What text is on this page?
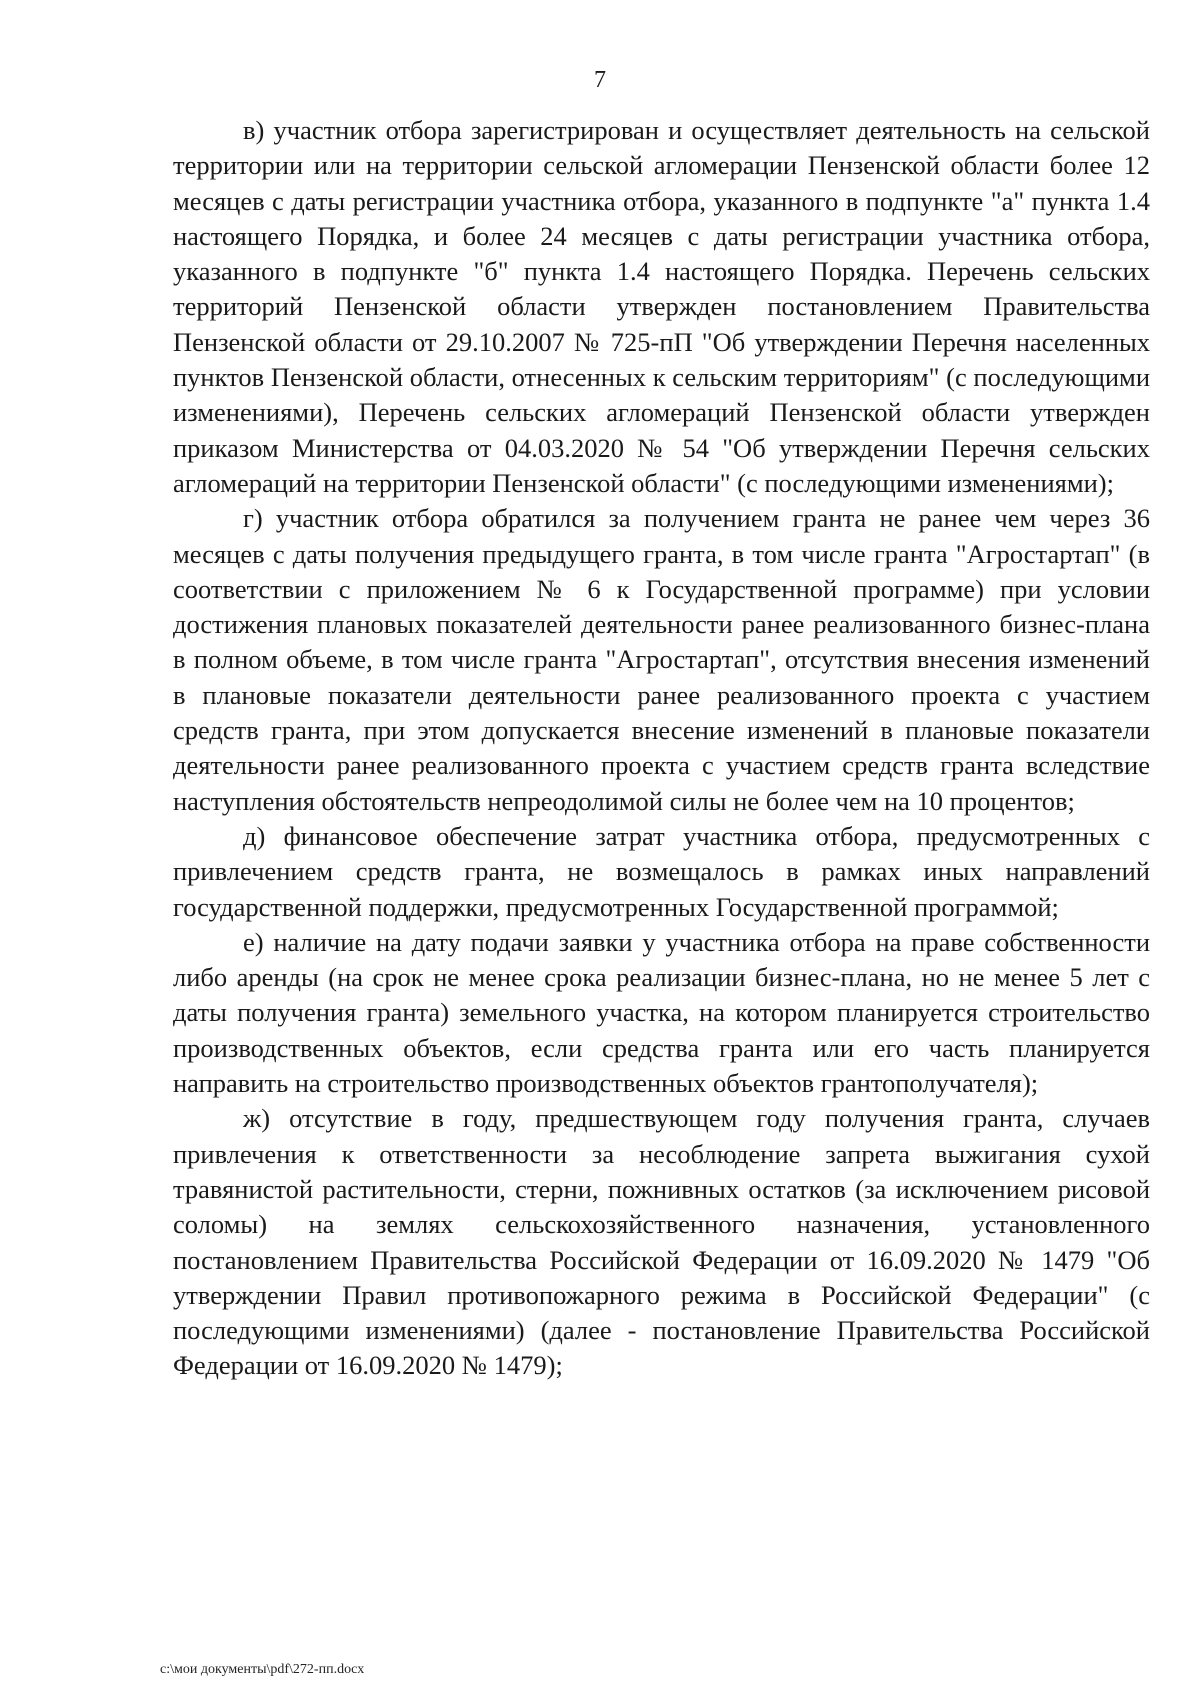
7

в) участник отбора зарегистрирован и осуществляет деятельность на сельской территории или на территории сельской агломерации Пензенской области более 12 месяцев с даты регистрации участника отбора, указанного в подпункте "а" пункта 1.4 настоящего Порядка, и более 24 месяцев с даты регистрации участника отбора, указанного в подпункте "б" пункта 1.4 настоящего Порядка. Перечень сельских территорий Пензенской области утвержден постановлением Правительства Пензенской области от 29.10.2007 № 725-пП "Об утверждении Перечня населенных пунктов Пензенской области, отнесенных к сельским территориям" (с последующими изменениями), Перечень сельских агломераций Пензенской области утвержден приказом Министерства от 04.03.2020 № 54 "Об утверждении Перечня сельских агломераций на территории Пензенской области" (с последующими изменениями);

г) участник отбора обратился за получением гранта не ранее чем через 36 месяцев с даты получения предыдущего гранта, в том числе гранта "Агростартап" (в соответствии с приложением № 6 к Государственной программе) при условии достижения плановых показателей деятельности ранее реализованного бизнес-плана в полном объеме, в том числе гранта "Агростартап", отсутствия внесения изменений в плановые показатели деятельности ранее реализованного проекта с участием средств гранта, при этом допускается внесение изменений в плановые показатели деятельности ранее реализованного проекта с участием средств гранта вследствие наступления обстоятельств непреодолимой силы не более чем на 10 процентов;

д) финансовое обеспечение затрат участника отбора, предусмотренных с привлечением средств гранта, не возмещалось в рамках иных направлений государственной поддержки, предусмотренных Государственной программой;

е) наличие на дату подачи заявки у участника отбора на праве собственности либо аренды (на срок не менее срока реализации бизнес-плана, но не менее 5 лет с даты получения гранта) земельного участка, на котором планируется строительство производственных объектов, если средства гранта или его часть планируется направить на строительство производственных объектов грантополучателя);

ж) отсутствие в году, предшествующем году получения гранта, случаев привлечения к ответственности за несоблюдение запрета выжигания сухой травянистой растительности, стерни, пожнивных остатков (за исключением рисовой соломы) на землях сельскохозяйственного назначения, установленного постановлением Правительства Российской Федерации от 16.09.2020 № 1479 "Об утверждении Правил противопожарного режима в Российской Федерации" (с последующими изменениями) (далее - постановление Правительства Российской Федерации от 16.09.2020 № 1479);

c:\мои документы\pdf\272-пп.docx
